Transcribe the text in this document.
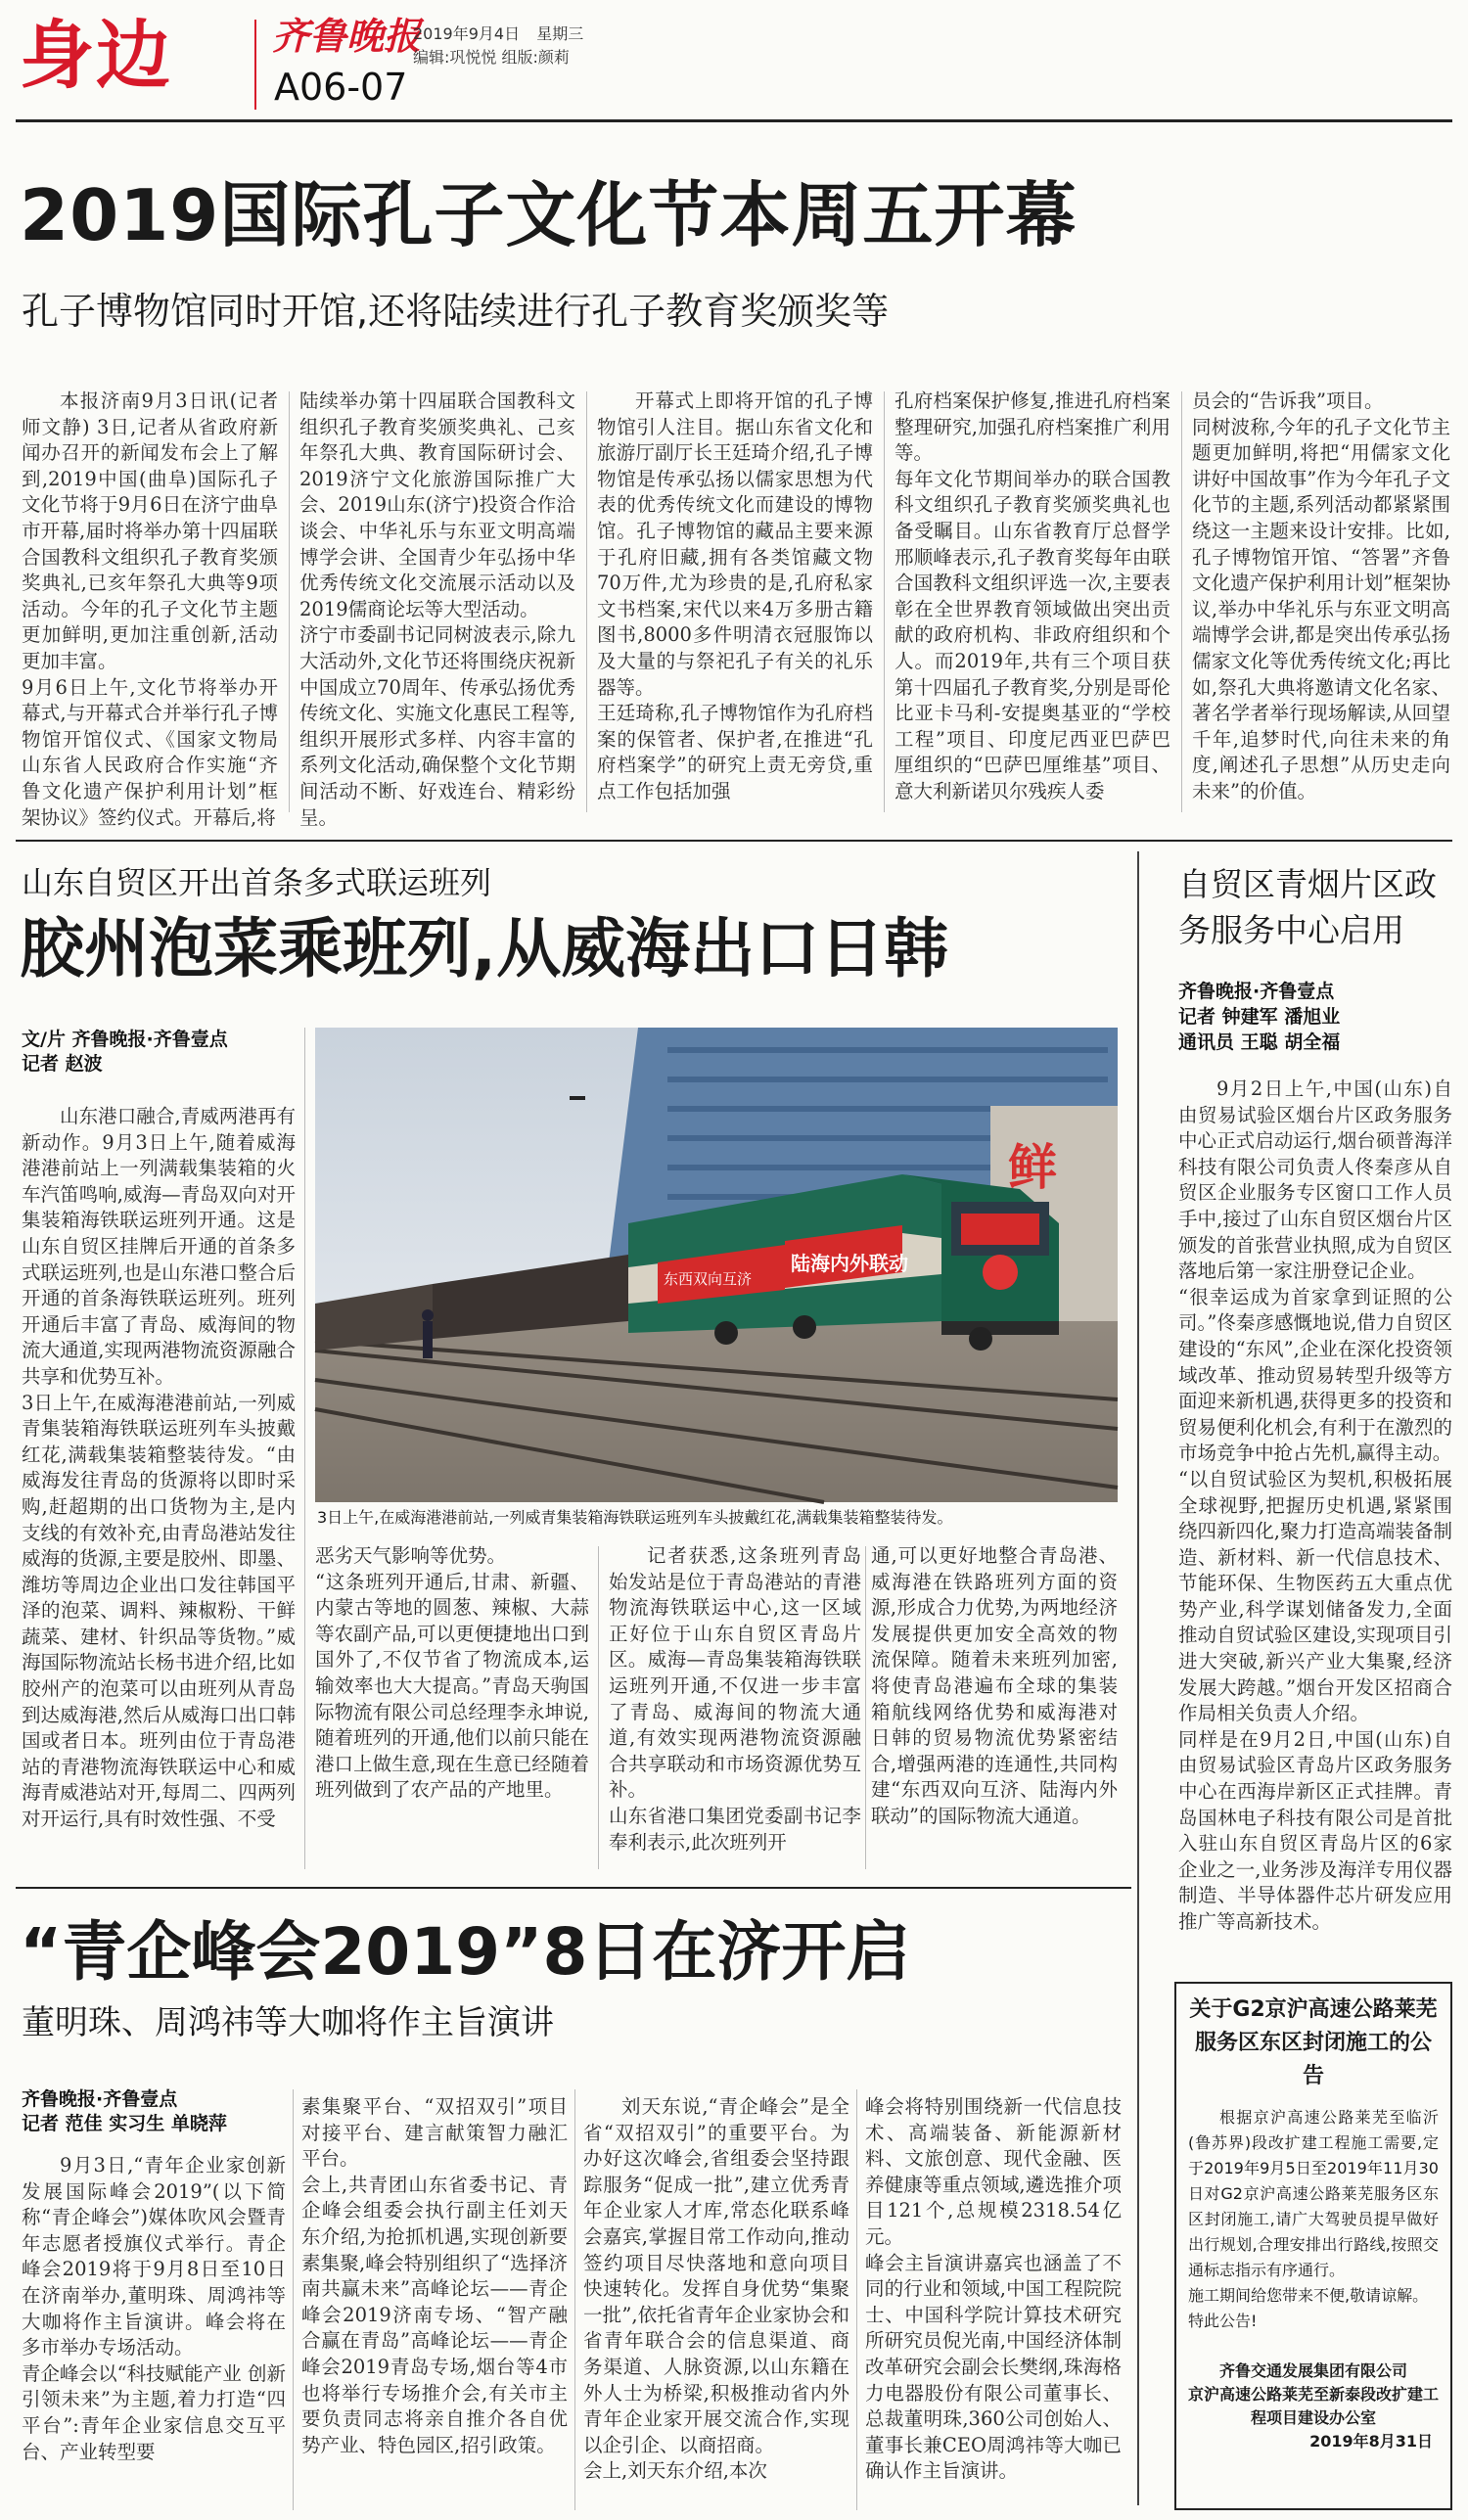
身边	齐鲁晚报
A06-07
2019年9月4日 星期三
编辑:巩悦悦 组版:颜莉
2019国际孔子文化节本周五开幕
孔子博物馆同时开馆,还将陆续进行孔子教育奖颁奖等
本报济南9月3日讯(记者 师文静) 3日,记者从省政府新闻办召开的新闻发布会上了解到,2019中国(曲阜)国际孔子文化节将于9月6日在济宁曲阜市开幕,届时将举办第十四届联合国教科文组织孔子教育奖颁奖典礼,已亥年祭孔大典等9项活动。今年的孔子文化节主题更加鲜明,更加注重创新,活动更加丰富。
9月6日上午,文化节将举办开幕式,与开幕式合并举行孔子博物馆开馆仪式、《国家文物局 山东省人民政府合作实施“齐鲁文化遗产保护利用计划”框架协议》签约仪式。开幕后,将
陆续举办第十四届联合国教科文组织孔子教育奖颁奖典礼、己亥年祭孔大典、教育国际研讨会、2019济宁文化旅游国际推广大会、2019山东(济宁)投资合作洽谈会、中华礼乐与东亚文明高端博学会讲、全国青少年弘扬中华优秀传统文化交流展示活动以及2019儒商论坛等大型活动。
济宁市委副书记同树波表示,除九大活动外,文化节还将围绕庆祝新中国成立70周年、传承弘扬优秀传统文化、实施文化惠民工程等,组织开展形式多样、内容丰富的系列文化活动,确保整个文化节期间活动不断、好戏连台、精彩纷呈。
开幕式上即将开馆的孔子博物馆引人注目。据山东省文化和旅游厅副厅长王廷琦介绍,孔子博物馆是传承弘扬以儒家思想为代表的优秀传统文化而建设的博物馆。孔子博物馆的藏品主要来源于孔府旧藏,拥有各类馆藏文物70万件,尤为珍贵的是,孔府私家文书档案,宋代以来4万多册古籍图书,8000多件明清衣冠服饰以及大量的与祭祀孔子有关的礼乐器等。
王廷琦称,孔子博物馆作为孔府档案的保管者、保护者,在推进“孔府档案学”的研究上责无旁贷,重点工作包括加强
孔府档案保护修复,推进孔府档案整理研究,加强孔府档案推广利用等。
每年文化节期间举办的联合国教科文组织孔子教育奖颁奖典礼也备受瞩目。山东省教育厅总督学邢顺峰表示,孔子教育奖每年由联合国教科文组织评选一次,主要表彰在全世界教育领域做出突出贡献的政府机构、非政府组织和个人。而2019年,共有三个项目获第十四届孔子教育奖,分别是哥伦比亚卡马利-安提奥基亚的“学校工程”项目、印度尼西亚巴萨巴厘组织的“巴萨巴厘维基”项目、意大利新诺贝尔残疾人委
员会的“告诉我”项目。
同树波称,今年的孔子文化节主题更加鲜明,将把“用儒家文化讲好中国故事”作为今年孔子文化节的主题,系列活动都紧紧围绕这一主题来设计安排。比如,孔子博物馆开馆、“答署”齐鲁文化遗产保护利用计划”框架协议,举办中华礼乐与东亚文明高端博学会讲,都是突出传承弘扬儒家文化等优秀传统文化;再比如,祭孔大典将邀请文化名家、著名学者举行现场解读,从回望千年,追梦时代,向往未来的角度,阐述孔子思想”从历史走向未来”的价值。
山东自贸区开出首条多式联运班列
胶州泡菜乘班列,从威海出口日韩
文/片 齐鲁晚报·齐鲁壹点
记者 赵波
鲜
东西双向互济
陆海内外联动
3日上午,在威海港港前站,一列威青集装箱海铁联运班列车头披戴红花,满载集装箱整装待发。
山东港口融合,青威两港再有新动作。9月3日上午,随着威海港港前站上一列满载集装箱的火车汽笛鸣响,威海—青岛双向对开集装箱海铁联运班列开通。这是山东自贸区挂牌后开通的首条多式联运班列,也是山东港口整合后开通的首条海铁联运班列。班列开通后丰富了青岛、威海间的物流大通道,实现两港物流资源融合共享和优势互补。
3日上午,在威海港港前站,一列威青集装箱海铁联运班列车头披戴红花,满载集装箱整装待发。“由威海发往青岛的货源将以即时采购,赶超期的出口货物为主,是内支线的有效补充,由青岛港站发往威海的货源,主要是胶州、即墨、潍坊等周边企业出口发往韩国平泽的泡菜、调料、辣椒粉、干鲜蔬菜、建材、针织品等货物。”威海国际物流站长杨书进介绍,比如胶州产的泡菜可以由班列从青岛到达威海港,然后从威海口出口韩国或者日本。班列由位于青岛港站的青港物流海铁联运中心和威海青威港站对开,每周二、四两列对开运行,具有时效性强、不受
恶劣天气影响等优势。
“这条班列开通后,甘肃、新疆、内蒙古等地的圆葱、辣椒、大蒜等农副产品,可以更便捷地出口到国外了,不仅节省了物流成本,运输效率也大大提高。”青岛天驹国际物流有限公司总经理李永坤说,随着班列的开通,他们以前只能在港口上做生意,现在生意已经随着班列做到了农产品的产地里。
记者获悉,这条班列青岛始发站是位于青岛港站的青港物流海铁联运中心,这一区域正好位于山东自贸区青岛片区。威海—青岛集装箱海铁联运班列开通,不仅进一步丰富了青岛、威海间的物流大通道,有效实现两港物流资源融合共享联动和市场资源优势互补。
山东省港口集团党委副书记李奉利表示,此次班列开
通,可以更好地整合青岛港、威海港在铁路班列方面的资源,形成合力优势,为两地经济发展提供更加安全高效的物流保障。随着未来班列加密,将使青岛港遍布全球的集装箱航线网络优势和威海港对日韩的贸易物流优势紧密结合,增强两港的连通性,共同构建“东西双向互济、陆海内外联动”的国际物流大通道。
自贸区青烟片区政务服务中心启用
齐鲁晚报·齐鲁壹点
记者 钟建军 潘旭业
通讯员 王聪 胡全福
9月2日上午,中国(山东)自由贸易试验区烟台片区政务服务中心正式启动运行,烟台硕普海洋科技有限公司负责人佟秦彦从自贸区企业服务专区窗口工作人员手中,接过了山东自贸区烟台片区颁发的首张营业执照,成为自贸区落地后第一家注册登记企业。
“很幸运成为首家拿到证照的公司。”佟秦彦感慨地说,借力自贸区建设的“东风”,企业在深化投资领域改革、推动贸易转型升级等方面迎来新机遇,获得更多的投资和贸易便利化机会,有利于在激烈的市场竞争中抢占先机,赢得主动。
“以自贸试验区为契机,积极拓展全球视野,把握历史机遇,紧紧围绕四新四化,聚力打造高端装备制造、新材料、新一代信息技术、节能环保、生物医药五大重点优势产业,科学谋划储备发力,全面推动自贸试验区建设,实现项目引进大突破,新兴产业大集聚,经济发展大跨越。”烟台开发区招商合作局相关负责人介绍。
同样是在9月2日,中国(山东)自由贸易试验区青岛片区政务服务中心在西海岸新区正式挂牌。青岛国林电子科技有限公司是首批入驻山东自贸区青岛片区的6家企业之一,业务涉及海洋专用仪器制造、半导体器件芯片研发应用推广等高新技术。
“青企峰会2019”8日在济开启
董明珠、周鸿祎等大咖将作主旨演讲
齐鲁晚报·齐鲁壹点
记者 范佳 实习生 单晓萍
9月3日,“青年企业家创新发展国际峰会2019”(以下简称“青企峰会”)媒体吹风会暨青年志愿者授旗仪式举行。青企峰会2019将于9月8日至10日在济南举办,董明珠、周鸿祎等大咖将作主旨演讲。峰会将在多市举办专场活动。
青企峰会以“科技赋能产业 创新引领未来”为主题,着力打造“四平台”:青年企业家信息交互平台、产业转型要
素集聚平台、“双招双引”项目对接平台、建言献策智力融汇平台。
会上,共青团山东省委书记、青企峰会组委会执行副主任刘天东介绍,为抢抓机遇,实现创新要素集聚,峰会特别组织了“选择济南共赢未来”高峰论坛——青企峰会2019济南专场、“智产融合赢在青岛”高峰论坛——青企峰会2019青岛专场,烟台等4市也将举行专场推介会,有关市主要负责同志将亲自推介各自优势产业、特色园区,招引政策。
刘天东说,“青企峰会”是全省“双招双引”的重要平台。为办好这次峰会,省组委会坚持跟踪服务“促成一批”,建立优秀青年企业家人才库,常态化联系峰会嘉宾,掌握目常工作动向,推动签约项目尽快落地和意向项目快速转化。发挥自身优势“集聚一批”,依托省青年企业家协会和省青年联合会的信息渠道、商务渠道、人脉资源,以山东籍在外人士为桥梁,积极推动省内外青年企业家开展交流合作,实现以企引企、以商招商。
会上,刘天东介绍,本次
峰会将特别围绕新一代信息技术、高端装备、新能源新材料、文旅创意、现代金融、医养健康等重点领域,遴选推介项目121个,总规模2318.54亿元。
峰会主旨演讲嘉宾也涵盖了不同的行业和领域,中国工程院院士、中国科学院计算技术研究所研究员倪光南,中国经济体制改革研究会副会长樊纲,珠海格力电器股份有限公司董事长、总裁董明珠,360公司创始人、董事长兼CEO周鸿祎等大咖已确认作主旨演讲。
关于G2京沪高速公路莱芜服务区东区封闭施工的公告
根据京沪高速公路莱芜至临沂(鲁苏界)段改扩建工程施工需要,定于2019年9月5日至2019年11月30日对G2京沪高速公路莱芜服务区东区封闭施工,请广大驾驶员提早做好出行规划,合理安排出行路线,按照交通标志指示有序通行。
施工期间给您带来不便,敬请谅解。
特此公告!
齐鲁交通发展集团有限公司
京沪高速公路莱芜至新泰段改扩建工程项目建设办公室
2019年8月31日
